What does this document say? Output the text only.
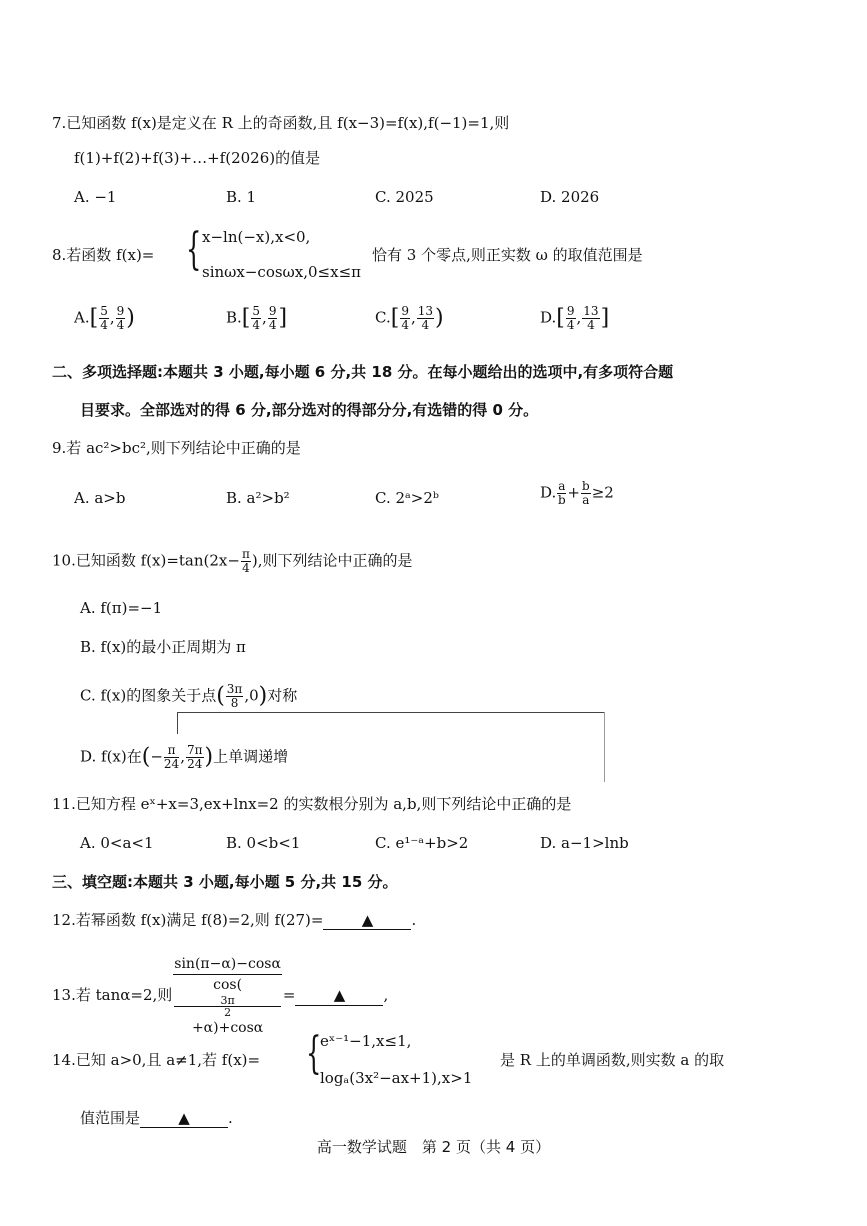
7.已知函数 f(x)是定义在 R 上的奇函数,且 f(x−3)=f(x),f(−1)=1,则
f(1)+f(2)+f(3)+…+f(2026)的值是
A. −1	B. 1	C. 2025	D. 2026
8.若函数 f(x)= { x−ln(−x),x<0,
sinωx−cosωx,0≤x≤π
恰有 3 个零点,则正实数 ω 的取值范围是
$A.[ \frac{5}{4}$ , $\frac{9}{4}$ )	$B.[ \frac{5}{4}$ , $\frac{9}{4}$ ]	$C.[ \frac{9}{4}$ , $\frac{13}{4}$ )	$D.[ \frac{9}{4}$ , $\frac{13}{4}$ ]
二、多项选择题:本题共 3 小题,每小题 6 分,共 18 分。在每小题给出的选项中,有多项符合题
目要求。全部选对的得 6 分,部分选对的得部分分,有选错的得 0 分。
9.若 ac²>bc²,则下列结论中正确的是
A. a>b	B. a²>b²	C. 2ᵃ>2ᵇ	D. $\frac{a}{b} + \frac{b}{a} \ge 2$
10.已知函数 $f(x)=\tan(2x- \frac{\pi}{4}$ ),则下列结论中正确的是
A. f(π)=−1
B. f(x)的最小正周期为 π
C. f(x)的图象关于点( $\frac{3\pi}{8} ,0$)对称
D. f(x)在(− $\frac{\pi}{24}$ , $\frac{7\pi}{24}$ )上单调递增
11.已知方程 eˣ+x=3,ex+lnx=2 的实数根分别为 a,b,则下列结论中正确的是
A. 0<a<1	B. 0<b<1	C. e¹⁻ᵃ+b>2	D. a−1>lnb
三、填空题:本题共 3 小题,每小题 5 分,共 15 分。
12.若幂函数 f(x)满足 f(8)=2,则 f(27)=	▲	.
13.若 tanα=2,则 sin(π−α)−cosα
cos(
3π
2
+α)+cosα =	▲	,
14.已知 a>0,且 a≠1,若 f(x)= {
eˣ⁻¹−1,x≤1,
logₐ(3x²−ax+1),x>1
是 R 上的单调函数,则实数 a 的取
值范围是	▲	.
高一数学试题　第 2 页（共 4 页）
